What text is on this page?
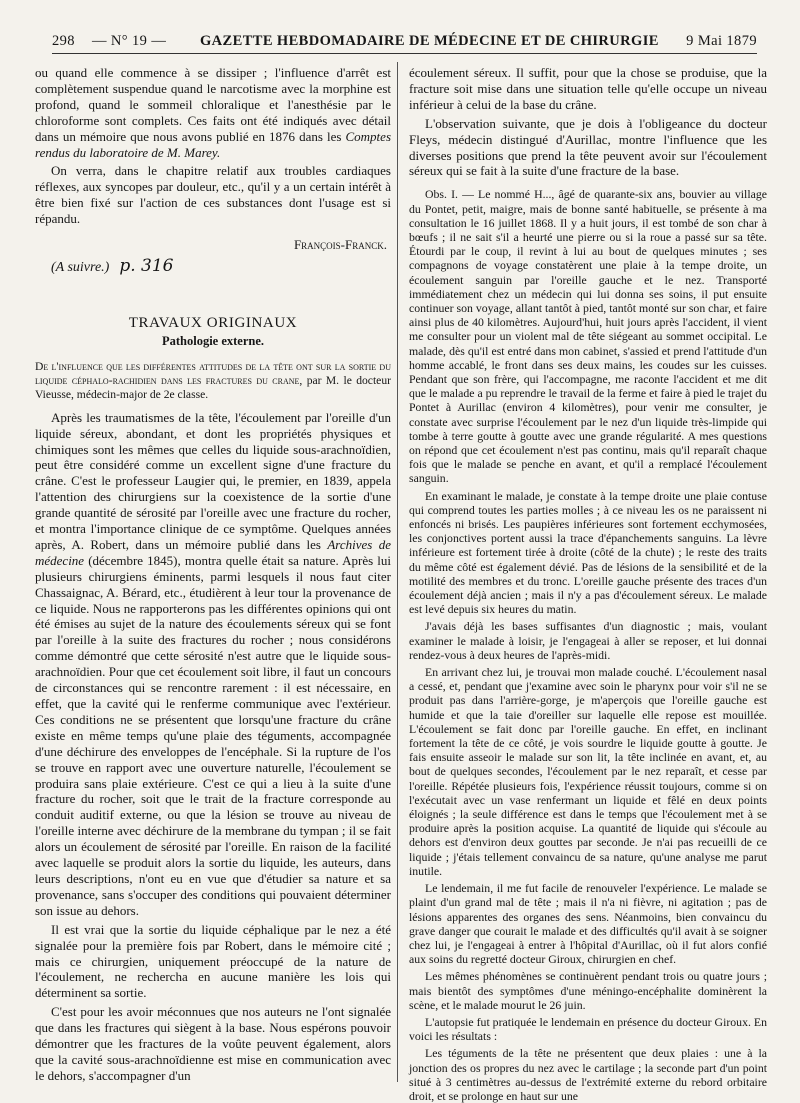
298 — N° 19 — GAZETTE HEBDOMADAIRE DE MÉDECINE ET DE CHIRURGIE 9 Mai 1879

ou quand elle commence à se dissiper ; l'influence d'arrêt est complètement suspendue quand le narcotisme avec la morphine est profond, quand le sommeil chloralique et l'anesthésie par le chloroforme sont complets. Ces faits ont été indiqués avec détail dans un mémoire que nous avons publié en 1876 dans les Comptes rendus du laboratoire de M. Marey.

On verra, dans le chapitre relatif aux troubles cardiaques réflexes, aux syncopes par douleur, etc., qu'il y a un certain intérêt à être bien fixé sur l'action de ces substances dont l'usage est si répandu.

François-Franck.

(A suivre.) p. 316

TRAVAUX ORIGINAUX

Pathologie externe.

De l'influence que les différentes attitudes de la tête ont sur la sortie du liquide céphalo-rachidien dans les fractures du crane, par M. le docteur Vieusse, médecin-major de 2e classe.

Après les traumatismes de la tête, l'écoulement par l'oreille d'un liquide séreux, abondant, et dont les propriétés physiques et chimiques sont les mêmes que celles du liquide sous-arachnoïdien, peut être considéré comme un excellent signe d'une fracture du crâne. C'est le professeur Laugier qui, le premier, en 1839, appela l'attention des chirurgiens sur la coexistence de la sortie d'une grande quantité de sérosité par l'oreille avec une fracture du rocher, et montra l'importance clinique de ce symptôme. Quelques années après, A. Robert, dans un mémoire publié dans les Archives de médecine (décembre 1845), montra quelle était sa nature. Après lui plusieurs chirurgiens éminents, parmi lesquels il nous faut citer Chassaignac, A. Bérard, etc., étudièrent à leur tour la provenance de ce liquide. Nous ne rapporterons pas les différentes opinions qui ont été émises au sujet de la nature des écoulements séreux qui se font par l'oreille à la suite des fractures du rocher ; nous considérons comme démontré que cette sérosité n'est autre que le liquide sous-arachnoïdien. Pour que cet écoulement soit libre, il faut un concours de circonstances qui se rencontre rarement : il est nécessaire, en effet, que la cavité qui le renferme communique avec l'extérieur. Ces conditions ne se présentent que lorsqu'une fracture du crâne existe en même temps qu'une plaie des téguments, accompagnée d'une déchirure des enveloppes de l'encéphale. Si la rupture de l'os se trouve en rapport avec une ouverture naturelle, l'écoulement se produira sans plaie extérieure. C'est ce qui a lieu à la suite d'une fracture du rocher, soit que le trait de la fracture corresponde au conduit auditif externe, ou que la lésion se trouve au niveau de l'oreille interne avec déchirure de la membrane du tympan ; il se fait alors un écoulement de sérosité par l'oreille. En raison de la facilité avec laquelle se produit alors la sortie du liquide, les auteurs, dans leurs descriptions, n'ont eu en vue que d'étudier sa nature et sa provenance, sans s'occuper des conditions qui pouvaient déterminer son issue au dehors.

Il est vrai que la sortie du liquide céphalique par le nez a été signalée pour la première fois par Robert, dans le mémoire cité ; mais ce chirurgien, uniquement préoccupé de la nature de l'écoulement, ne rechercha en aucune manière les lois qui déterminent sa sortie.

C'est pour les avoir méconnues que nos auteurs ne l'ont signalée que dans les fractures qui siègent à la base. Nous espérons pouvoir démontrer que les fractures de la voûte peuvent également, alors que la cavité sous-arachnoïdienne est mise en communication avec le dehors, s'accompagner d'un

écoulement séreux. Il suffit, pour que la chose se produise, que la fracture soit mise dans une situation telle qu'elle occupe un niveau inférieur à celui de la base du crâne.

L'observation suivante, que je dois à l'obligeance du docteur Fleys, médecin distingué d'Aurillac, montre l'influence que les diverses positions que prend la tête peuvent avoir sur l'écoulement séreux qui se fait à la suite d'une fracture de la base.

Obs. I. — Le nommé H..., âgé de quarante-six ans, bouvier au village du Pontet, petit, maigre, mais de bonne santé habituelle, se présente à ma consultation le 16 juillet 1868. Il y a huit jours, il est tombé de son char à bœufs ; il ne sait s'il a heurté une pierre ou si la roue a passé sur sa tête. Étourdi par le coup, il revint à lui au bout de quelques minutes ; ses compagnons de voyage constatèrent une plaie à la tempe droite, un écoulement sanguin par l'oreille gauche et le nez. Transporté immédiatement chez un médecin qui lui donna ses soins, il put ensuite continuer son voyage, allant tantôt à pied, tantôt monté sur son char, et faire ainsi plus de 40 kilomètres. Aujourd'hui, huit jours après l'accident, il vient me consulter pour un violent mal de tête siégeant au sommet occipital. Le malade, dès qu'il est entré dans mon cabinet, s'assied et prend l'attitude d'un homme accablé, le front dans ses deux mains, les coudes sur les cuisses. Pendant que son frère, qui l'accompagne, me raconte l'accident et me dit que le malade a pu reprendre le travail de la ferme et faire à pied le trajet du Pontet à Aurillac (environ 4 kilomètres), pour venir me consulter, je constate avec surprise l'écoulement par le nez d'un liquide très-limpide qui tombe à terre goutte à goutte avec une grande régularité. A mes questions on répond que cet écoulement n'est pas continu, mais qu'il reparaît chaque fois que le malade se penche en avant, et qu'il a remplacé l'écoulement sanguin.

En examinant le malade, je constate à la tempe droite une plaie contuse qui comprend toutes les parties molles ; à ce niveau les os ne paraissent ni enfoncés ni brisés. Les paupières inférieures sont fortement ecchymosées, les conjonctives portent aussi la trace d'épanchements sanguins. La lèvre inférieure est fortement tirée à droite (côté de la chute) ; le reste des traits du même côté est également dévié. Pas de lésions de la sensibilité et de la motilité des membres et du tronc. L'oreille gauche présente des traces d'un écoulement déjà ancien ; mais il n'y a pas d'écoulement séreux. Le malade est levé depuis six heures du matin.

J'avais déjà les bases suffisantes d'un diagnostic ; mais, voulant examiner le malade à loisir, je l'engageai à aller se reposer, et lui donnai rendez-vous à deux heures de l'après-midi.

En arrivant chez lui, je trouvai mon malade couché. L'écoulement nasal a cessé, et, pendant que j'examine avec soin le pharynx pour voir s'il ne se produit pas dans l'arrière-gorge, je m'aperçois que l'oreille gauche est humide et que la taie d'oreiller sur laquelle elle repose est mouillée. L'écoulement se fait donc par l'oreille gauche. En effet, en inclinant fortement la tête de ce côté, je vois sourdre le liquide goutte à goutte. Je fais ensuite asseoir le malade sur son lit, la tête inclinée en avant, et, au bout de quelques secondes, l'écoulement par le nez reparaît, et cesse par l'oreille. Répétée plusieurs fois, l'expérience réussit toujours, comme si on l'exécutait avec un vase renfermant un liquide et fêlé en deux points éloignés ; la seule différence est dans le temps que l'écoulement met à se produire après la position acquise. La quantité de liquide qui s'écoule au dehors est d'environ deux gouttes par seconde. Je n'ai pas recueilli de ce liquide ; j'étais tellement convaincu de sa nature, qu'une analyse me parut inutile.

Le lendemain, il me fut facile de renouveler l'expérience. Le malade se plaint d'un grand mal de tête ; mais il n'a ni fièvre, ni agitation ; pas de lésions apparentes des organes des sens. Néanmoins, bien convaincu du grave danger que courait le malade et des difficultés qu'il avait à se soigner chez lui, je l'engageai à entrer à l'hôpital d'Aurillac, où il fut alors confié aux soins du regretté docteur Giroux, chirurgien en chef.

Les mêmes phénomènes se continuèrent pendant trois ou quatre jours ; mais bientôt des symptômes d'une méningo-encéphalite dominèrent la scène, et le malade mourut le 26 juin.

L'autopsie fut pratiquée le lendemain en présence du docteur Giroux. En voici les résultats :

Les téguments de la tête ne présentent que deux plaies : une à la jonction des os propres du nez avec le cartilage ; la seconde part d'un point situé à 3 centimètres au-dessus de l'extrémité externe du rebord orbitaire droit, et se prolonge en haut sur une
